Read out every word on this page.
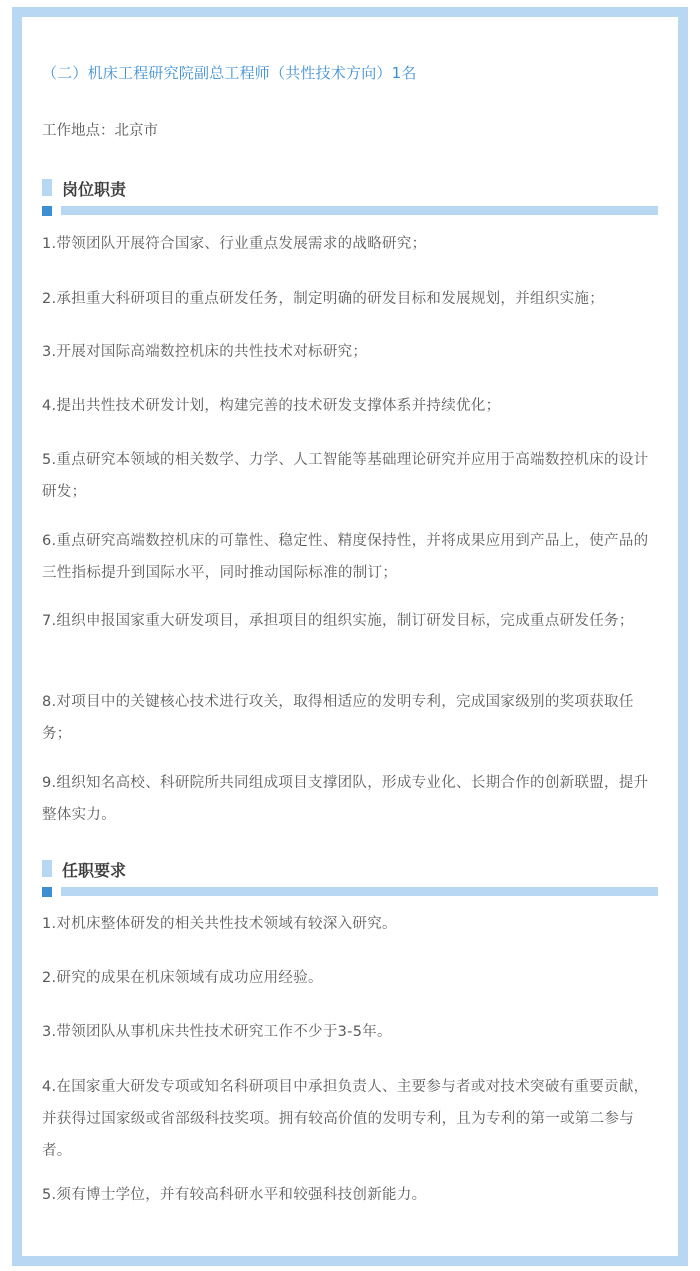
（二）机床工程研究院副总工程师（共性技术方向）1名
工作地点：北京市
岗位职责
1.带领团队开展符合国家、行业重点发展需求的战略研究；
2.承担重大科研项目的重点研发任务，制定明确的研发目标和发展规划，并组织实施；
3.开展对国际高端数控机床的共性技术对标研究；
4.提出共性技术研发计划，构建完善的技术研发支撑体系并持续优化；
5.重点研究本领域的相关数学、力学、人工智能等基础理论研究并应用于高端数控机床的设计研发；
6.重点研究高端数控机床的可靠性、稳定性、精度保持性，并将成果应用到产品上，使产品的三性指标提升到国际水平，同时推动国际标准的制订；
7.组织申报国家重大研发项目，承担项目的组织实施，制订研发目标，完成重点研发任务；
8.对项目中的关键核心技术进行攻关，取得相适应的发明专利，完成国家级别的奖项获取任务；
9.组织知名高校、科研院所共同组成项目支撑团队，形成专业化、长期合作的创新联盟，提升整体实力。
任职要求
1.对机床整体研发的相关共性技术领域有较深入研究。
2.研究的成果在机床领域有成功应用经验。
3.带领团队从事机床共性技术研究工作不少于3-5年。
4.在国家重大研发专项或知名科研项目中承担负责人、主要参与者或对技术突破有重要贡献，并获得过国家级或省部级科技奖项。拥有较高价值的发明专利，且为专利的第一或第二参与者。
5.须有博士学位，并有较高科研水平和较强科技创新能力。
